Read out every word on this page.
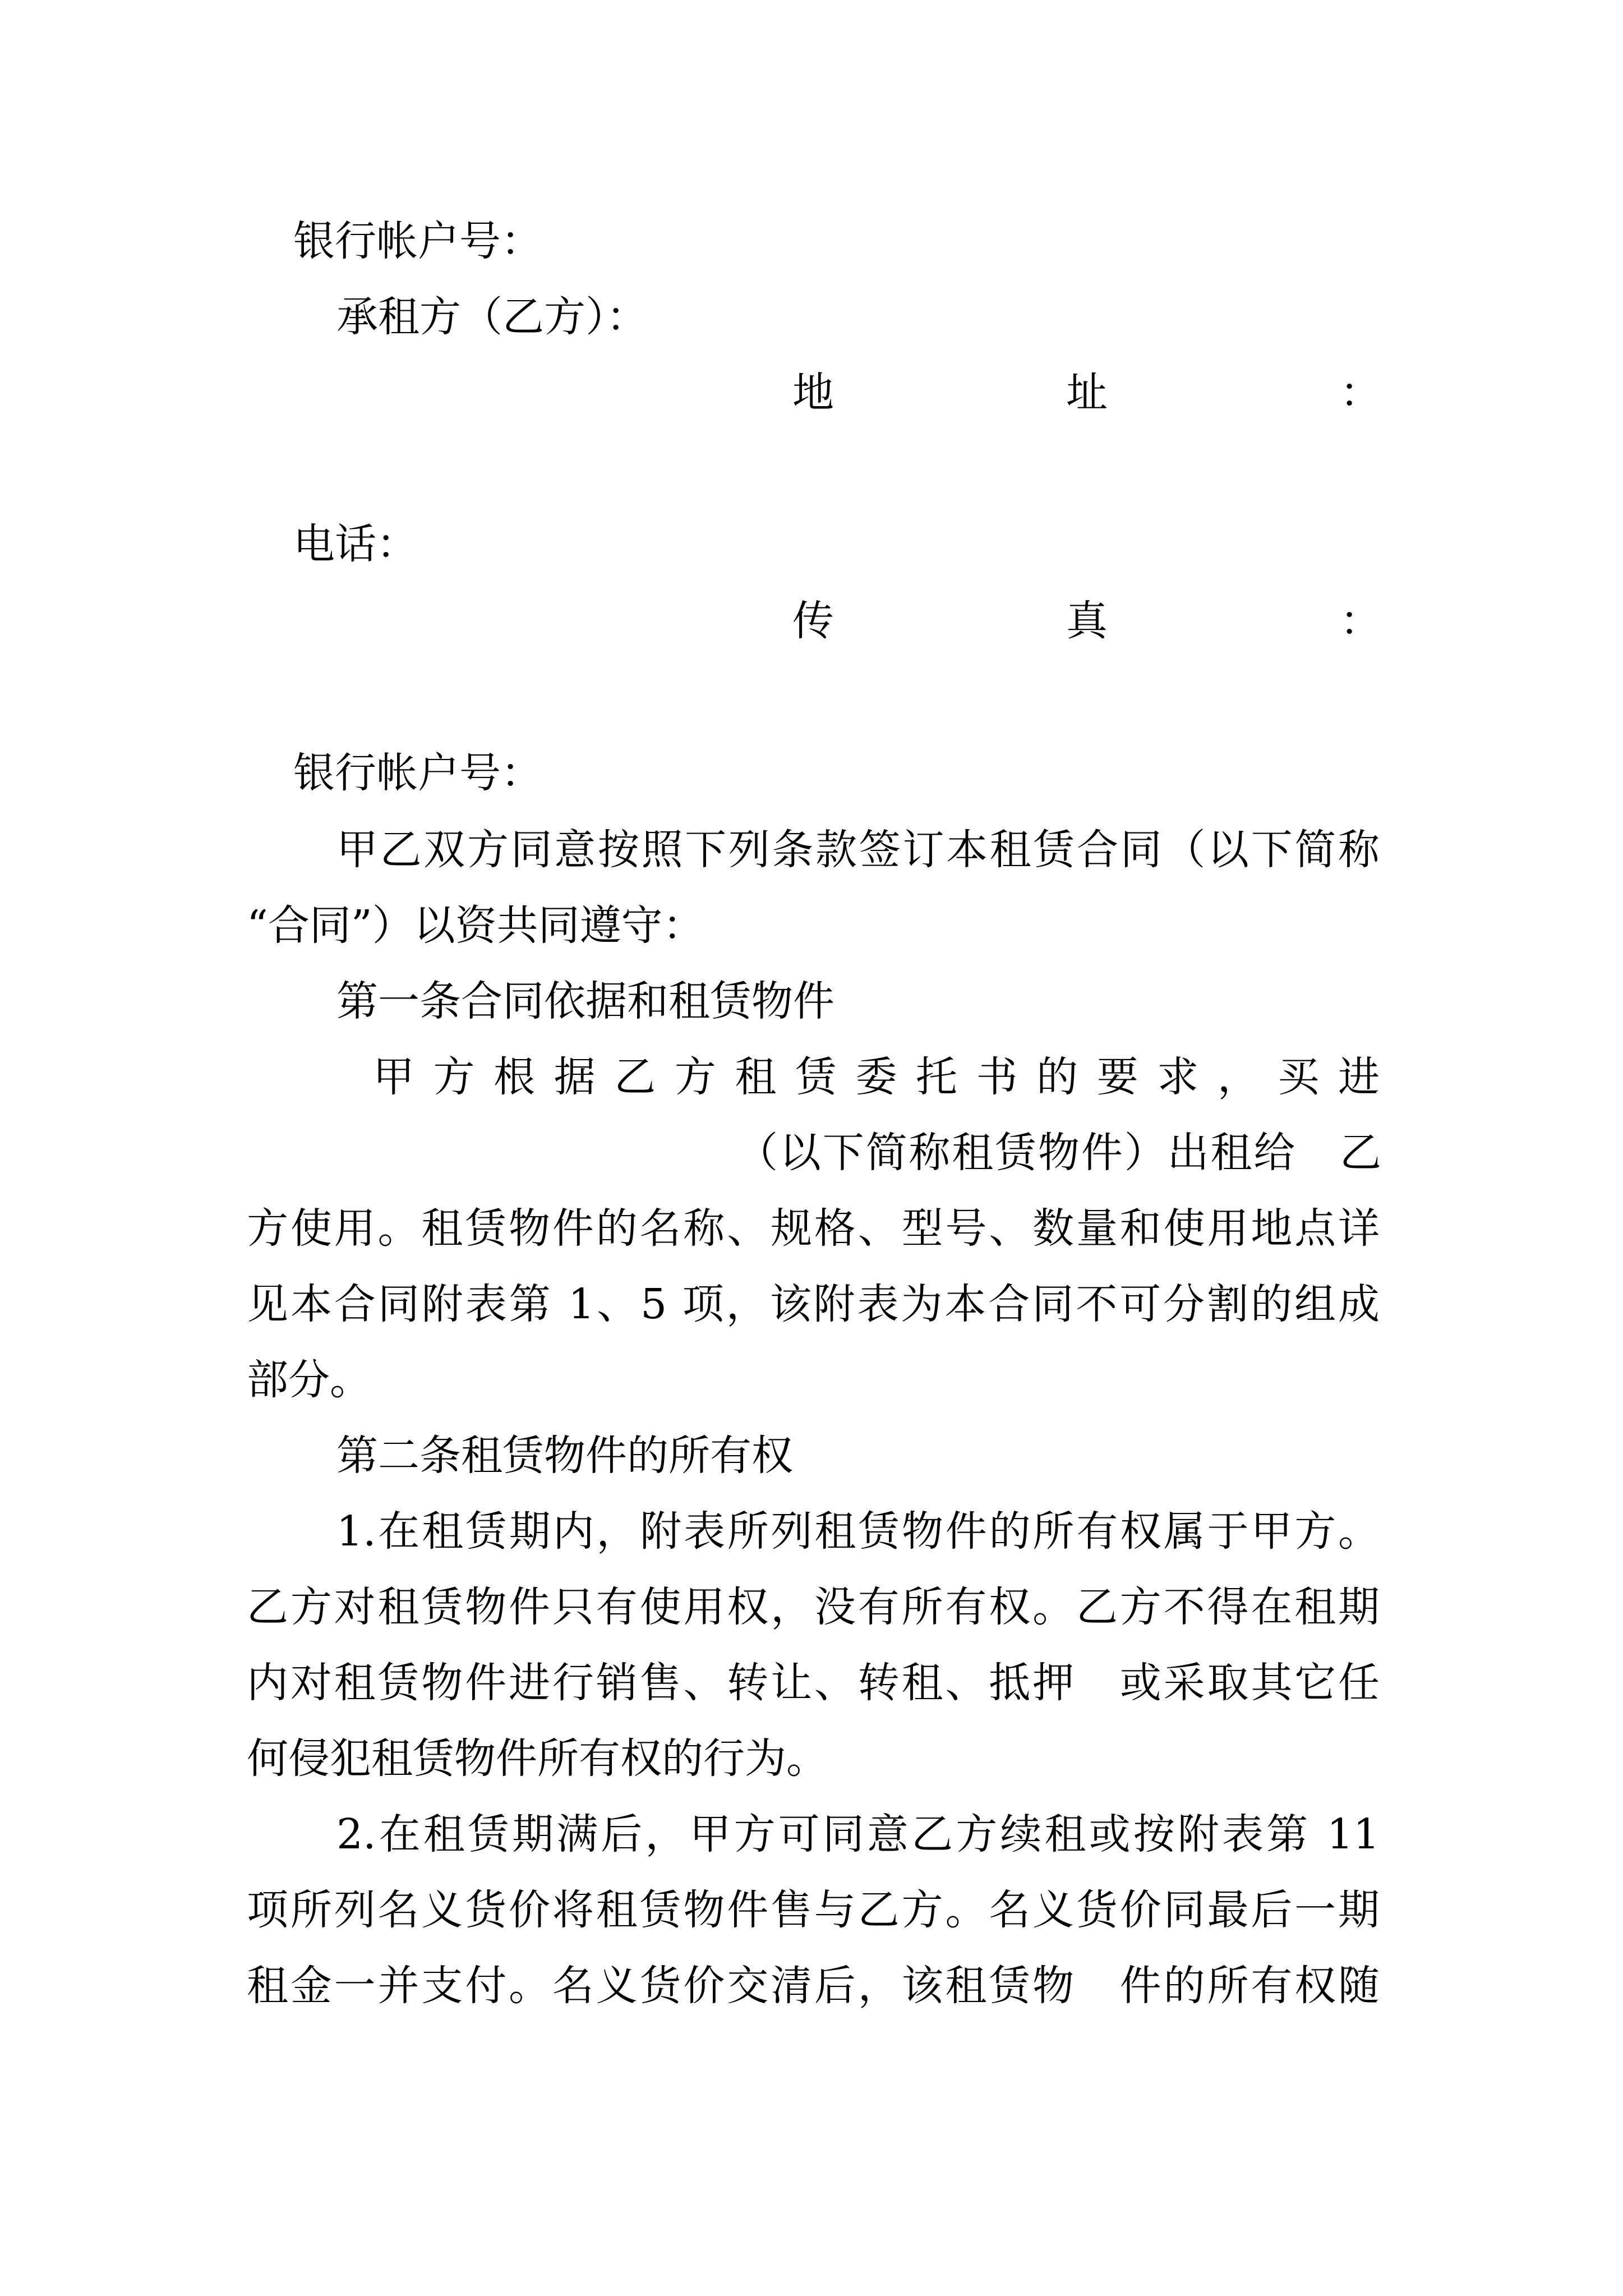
银行帐户号：
承租方（乙方）：
地　　　　址　　　　：
电话：
传　　　　真　　　　：
银行帐户号：
甲乙双方同意按照下列条款签订本租赁合同（以下简称
“合同”）以资共同遵守：
第一条合同依据和租赁物件
甲方根据乙方租赁委托书的要求，买进
（以下简称租赁物件）出租给　乙
方使用。租赁物件的名称、规格、型号、数量和使用地点详
见本合同附表第 1、5 项，该附表为本合同不可分割的组成
部分。
第二条租赁物件的所有权
1.在租赁期内，附表所列租赁物件的所有权属于甲方。
乙方对租赁物件只有使用权，没有所有权。乙方不得在租期
内对租赁物件进行销售、转让、转租、抵押　或采取其它任
何侵犯租赁物件所有权的行为。
2.在租赁期满后，甲方可同意乙方续租或按附表第 11
项所列名义货价将租赁物件售与乙方。名义货价同最后一期
租金一并支付。名义货价交清后，该租赁物　件的所有权随
